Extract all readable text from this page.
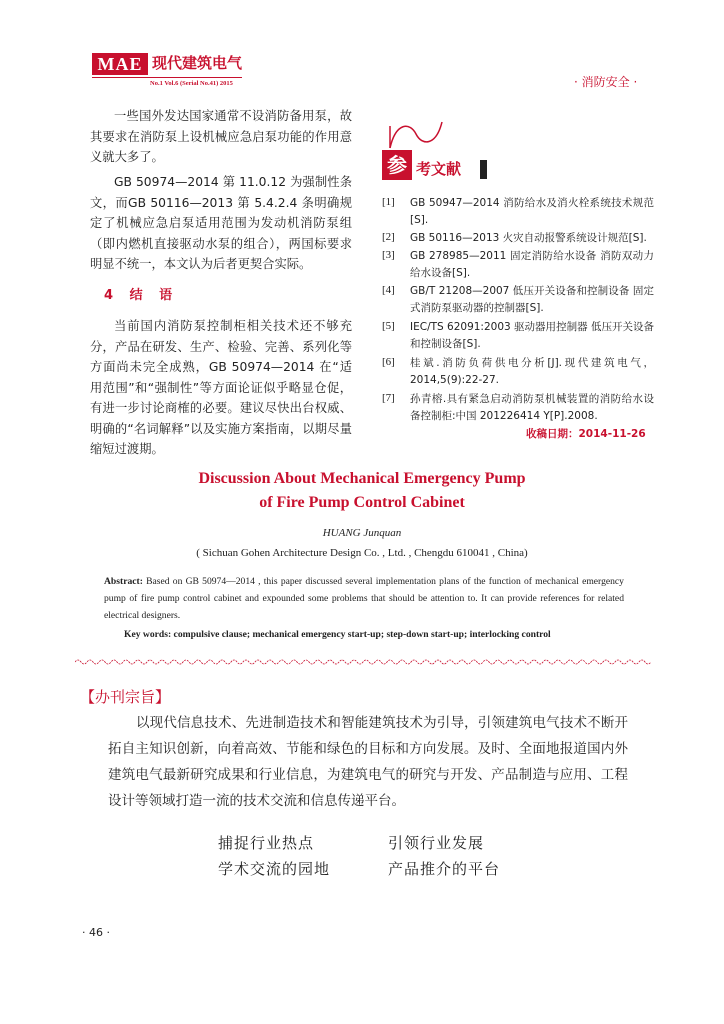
MAE 现代建筑电气
No.1 Vol.6 (Serial No.41) 2015	· 消防安全 ·
一些国外发达国家通常不设消防备用泵，故其要求在消防泵上设机械应急启泵功能的作用意义就大多了。
GB 50974—2014 第 11.0.12 为强制性条文，而GB 50116—2013 第 5.4.2.4 条明确规定了机械应急启泵适用范围为发动机消防泵组（即内燃机直接驱动水泵的组合），两国标要求明显不统一，本文认为后者更契合实际。
4 结 语
当前国内消防泵控制柜相关技术还不够充分，产品在研发、生产、检验、完善、系列化等方面尚未完全成熟，GB 50974—2014 在“适用范围”和“强制性”等方面论证似乎略显仓促，有进一步讨论商榷的必要。建议尽快出台权威、明确的“名词解释”以及实施方案指南，以期尽量缩短过渡期。
参 考文献
[1] GB 50947—2014 消防给水及消火栓系统技术规范[S].
[2] GB 50116—2013 火灾自动报警系统设计规范[S].
[3] GB 278985—2011 固定消防给水设备 消防双动力给水设备[S].
[4] GB/T 21208—2007 低压开关设备和控制设备 固定式消防泵驱动器的控制器[S].
[5] IEC/TS 62091:2003 驱动器用控制器 低压开关设备和控制设备[S].
[6] 桂斌.消防负荷供电分析[J].现代建筑电气，2014,5(9):22-27.
[7] 孙青榕.具有紧急启动消防泵机械装置的消防给水设备控制柜:中国 201226414 Y[P].2008.
收稿日期：2014-11-26
Discussion About Mechanical Emergency Pump
of Fire Pump Control Cabinet
HUANG Junquan
( Sichuan Gohen Architecture Design Co. , Ltd. , Chengdu 610041 , China)
Abstract: Based on GB 50974—2014 , this paper discussed several implementation plans of the function of mechanical emergency pump of fire pump control cabinet and expounded some problems that should be attention to. It can provide references for related electrical designers.
Key words: compulsive clause; mechanical emergency start-up; step-down start-up; interlocking control
【办刊宗旨】
以现代信息技术、先进制造技术和智能建筑技术为引导，引领建筑电气技术不断开拓自主知识创新，向着高效、节能和绿色的目标和方向发展。及时、全面地报道国内外建筑电气最新研究成果和行业信息，为建筑电气的研究与开发、产品制造与应用、工程设计等领域打造一流的技术交流和信息传递平台。
捕捉行业热点	引领行业发展
学术交流的园地	产品推介的平台
· 46 ·
